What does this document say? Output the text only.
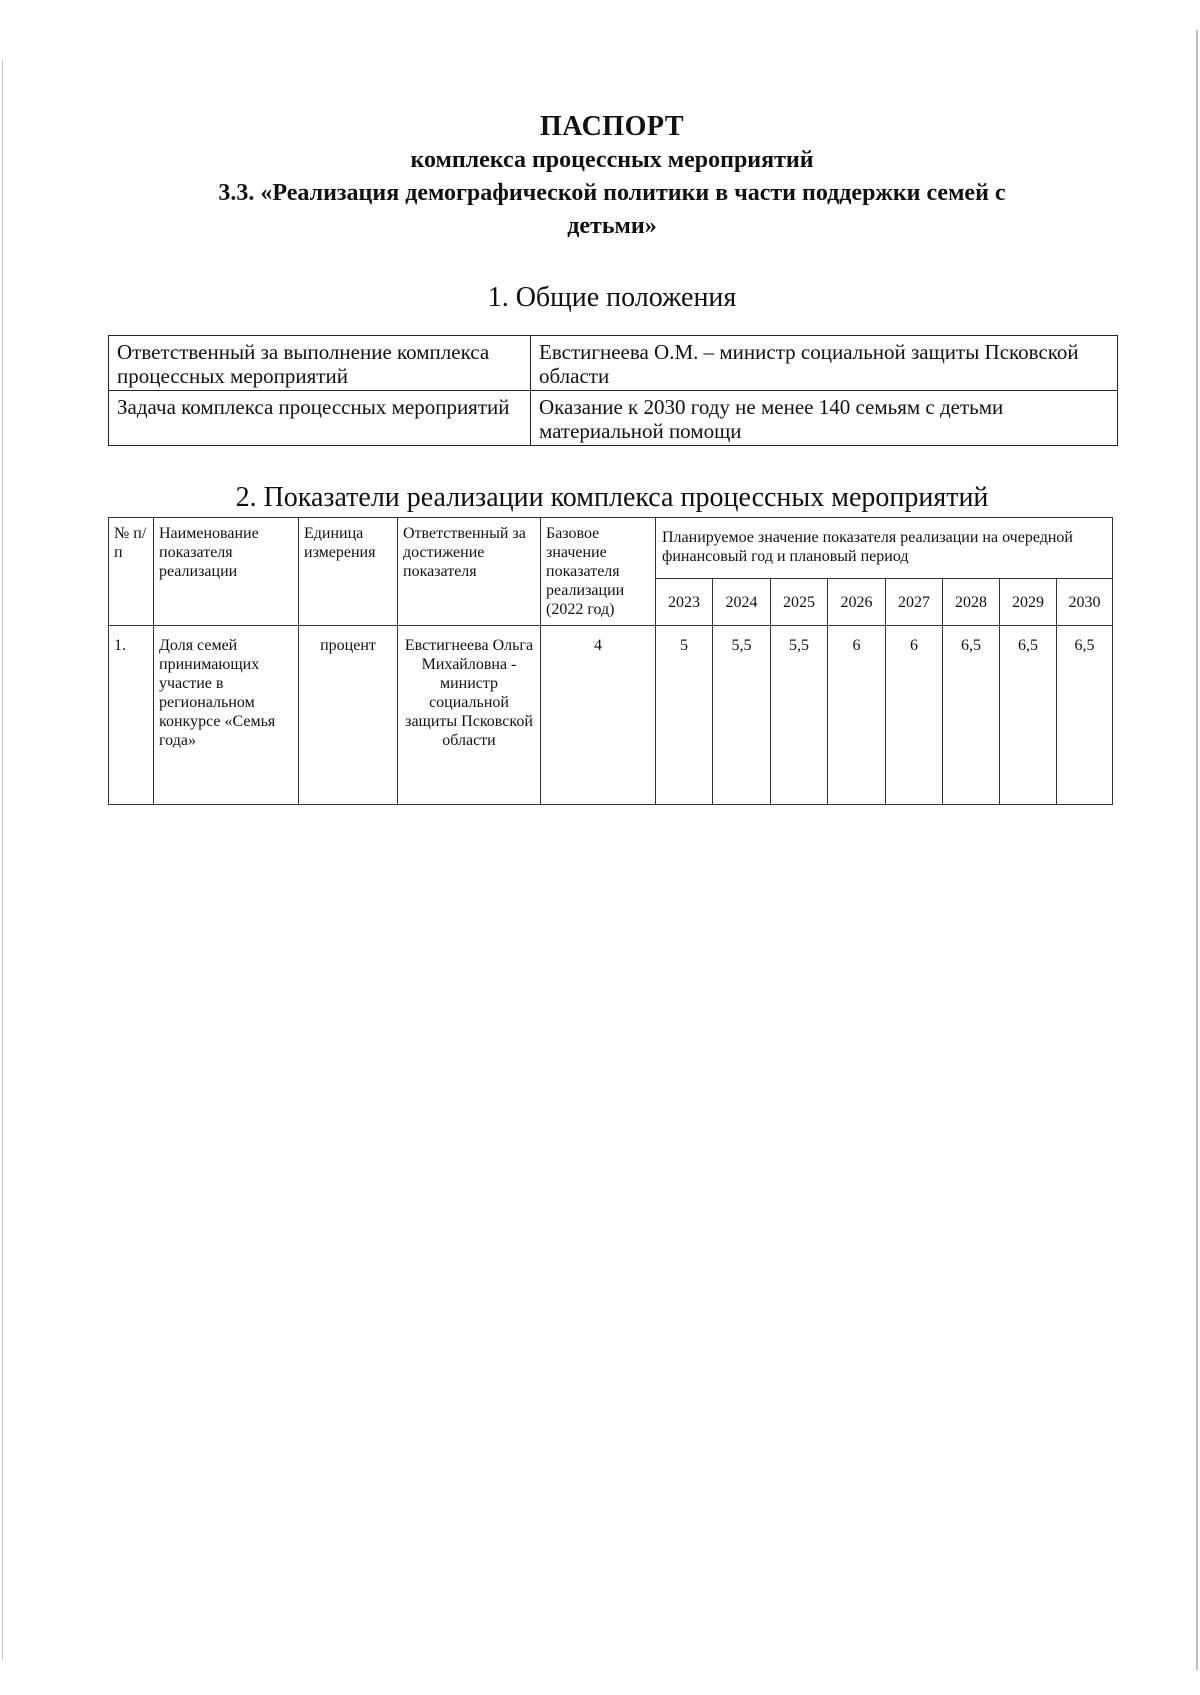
ПАСПОРТ
комплекса процессных мероприятий
3.3. «Реализация демографической политики в части поддержки семей с
детьми»
1. Общие положения
Ответственный за выполнение комплекса процессных мероприятий	Евстигнеева О.М. – министр социальной защиты Псковской области
Задача комплекса процессных мероприятий	Оказание к 2030 году не менее 140 семьям с детьми материальной помощи
2. Показатели реализации комплекса процессных мероприятий
№ п/п	Наименование показателя реализации	Единица измерения	Ответственный за достижение показателя	Базовое значение показателя реализации (2022 год)	Планируемое значение показателя реализации на очередной финансовый год и плановый период							
					2023	2024	2025	2026	2027	2028	2029	2030
1.	Доля семей принимающих участие в региональном конкурсе «Семья года»	процент	Евстигнеева Ольга Михайловна - министр социальной защиты Псковской области	4	5	5,5	5,5	6	6	6,5	6,5	6,5
